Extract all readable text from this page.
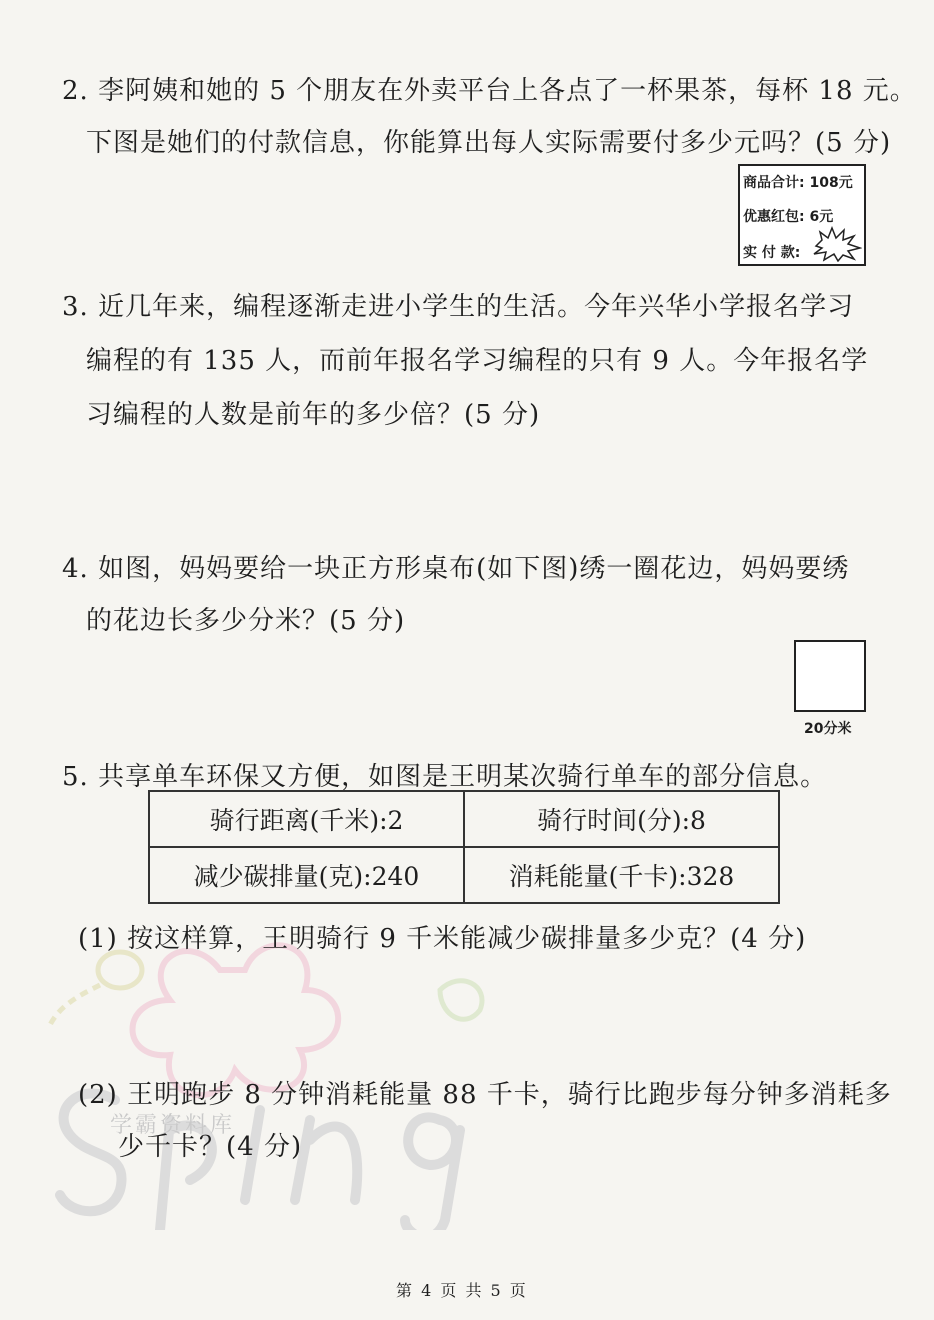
学霸资料库
2. 李阿姨和她的 5 个朋友在外卖平台上各点了一杯果茶，每杯 18 元。
下图是她们的付款信息，你能算出每人实际需要付多少元吗？(5 分)
商品合计: 108元
优惠红包: 6元
实 付 款:
3. 近几年来，编程逐渐走进小学生的生活。今年兴华小学报名学习
编程的有 135 人，而前年报名学习编程的只有 9 人。今年报名学
习编程的人数是前年的多少倍？(5 分)
4. 如图，妈妈要给一块正方形桌布(如下图)绣一圈花边，妈妈要绣
的花边长多少分米？(5 分)
20分米
5. 共享单车环保又方便，如图是王明某次骑行单车的部分信息。
骑行距离(千米):2	骑行时间(分):8
减少碳排量(克):240	消耗能量(千卡):328
(1) 按这样算，王明骑行 9 千米能减少碳排量多少克？(4 分)
(2) 王明跑步 8 分钟消耗能量 88 千卡，骑行比跑步每分钟多消耗多
少千卡？(4 分)
第 4 页 共 5 页
